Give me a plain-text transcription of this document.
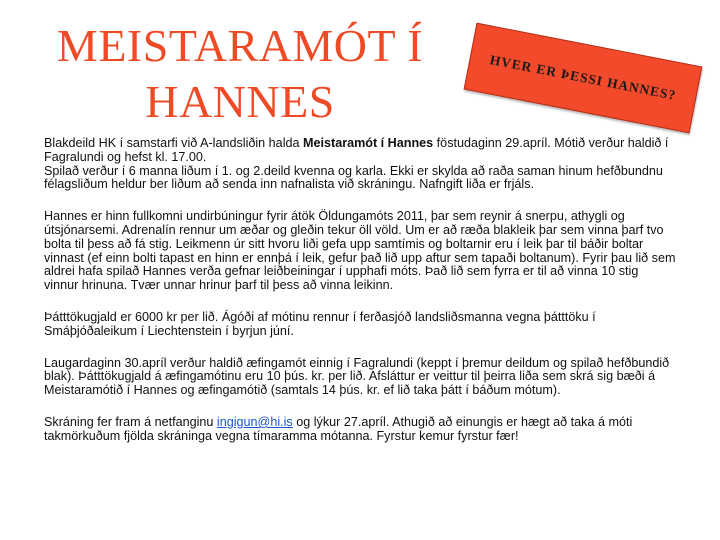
MEISTARAMÓT Í
HANNES	HVER ER ÞESSI HANNES?

Blakdeild HK í samstarfi við A-landsliðin halda Meistaramót í Hannes föstudaginn 29.apríl. Mótið verður haldið í Fagralundi og hefst kl. 17.00.

Spilað verður í 6 manna liðum í 1. og 2.deild kvenna og karla. Ekki er skylda að raða saman hinum hefðbundnu félagsliðum heldur ber liðum að senda inn nafnalista við skráningu. Nafngift liða er frjáls.

Hannes er hinn fullkomni undirbúningur fyrir átök Öldungamóts 2011, þar sem reynir á snerpu, athygli og útsjónarsemi. Adrenalín rennur um æðar og gleðin tekur öll völd. Um er að ræða blakleik þar sem vinna þarf tvo bolta til þess að fá stig. Leikmenn úr sitt hvoru liði gefa upp samtímis og boltarnir eru í leik þar til báðir boltar vinnast (ef einn bolti tapast en hinn er ennþá í leik, gefur það lið upp aftur sem tapaði boltanum). Fyrir þau lið sem aldrei hafa spilað Hannes verða gefnar leiðbeiningar í upphafi móts. Það lið sem fyrra er til að vinna 10 stig vinnur hrinuna. Tvær unnar hrinur þarf til þess að vinna leikinn.

Þátttökugjald er 6000 kr per lið. Ágóði af mótinu rennur í ferðasjóð landsliðsmanna vegna þátttöku í Smáþjóðaleikum í Liechtenstein í byrjun júní.

Laugardaginn 30.apríl verður haldið æfingamót einnig í Fagralundi (keppt í þremur deildum og spilað hefðbundið blak). Þátttökugjald á æfingamótinu eru 10 þús. kr. per lið. Afsláttur er veittur til þeirra liða sem skrá sig bæði á Meistaramótið í Hannes og æfingamótið (samtals 14 þús. kr. ef lið taka þátt í báðum mótum).

Skráning fer fram á netfanginu ingigun@hi.is og lýkur 27.apríl. Athugið að einungis er hægt að taka á móti takmörkuðum fjölda skráninga vegna tímaramma mótanna. Fyrstur kemur fyrstur fær!
